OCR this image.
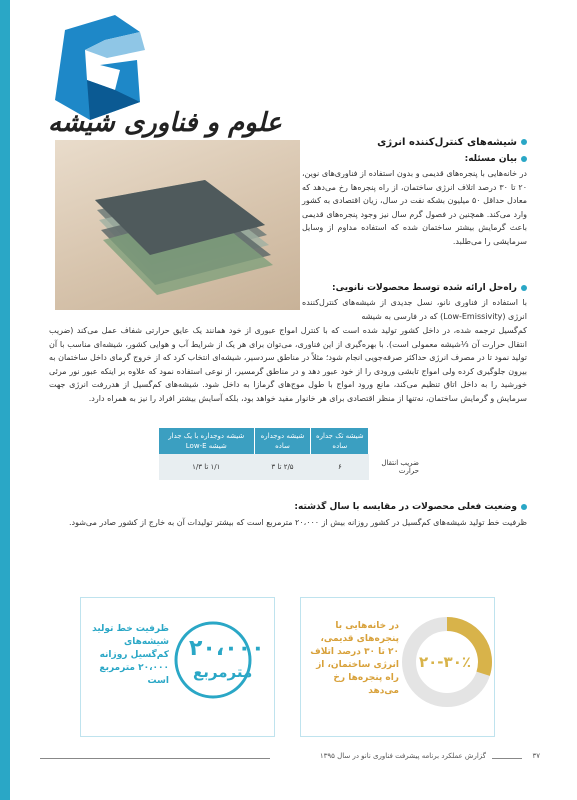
علوم و فناوری شیشه
شیشه‌های کنترل‌کننده انرژی
بیان مسئله:
در خانه‌هایی با پنجره‌های قدیمی و بدون استفاده از فناوری‌های نوین، ۲۰ تا ۳۰ درصد اتلاف انرژی ساختمان، از راه پنجره‌ها رخ می‌دهد که معادل حداقل ۵۰ میلیون بشکه نفت در سال، زیان اقتصادی به کشور وارد می‌کند. همچنین در فصول گرم سال نیز وجود پنجره‌های قدیمی باعث گرمایش بیشتر ساختمان شده که استفاده مداوم از وسایل سرمایشی را می‌طلبد.
راه‌حل ارائه شده توسط محصولات نانویی:
با استفاده از فناوری نانو، نسل جدیدی از شیشه‌های کنترل‌کننده انرژی (Low-Emissivity) که در فارسی به شیشه
کم‌گسیل ترجمه شده، در داخل کشور تولید شده است که با کنترل امواج عبوری از خود همانند یک عایق حرارتی شفاف عمل می‌کند (ضریب انتقال حرارت آن ⅓شیشه معمولی است). با بهره‌گیری از این فناوری، می‌توان برای هر یک از شرایط آب و هوایی کشور، شیشه‌ای مناسب با آن تولید نمود تا در مصرف انرژی حداکثر صرفه‌جویی انجام شود؛ مثلاً در مناطق سردسیر، شیشه‌ای انتخاب کرد که از خروج گرمای داخل ساختمان به بیرون جلوگیری کرده ولی امواج تابشی ورودی را از خود عبور دهد و در مناطق گرمسیر، از نوعی استفاده نمود که علاوه بر اینکه عبور نور مرئی خورشید را به داخل اتاق تنظیم می‌کند، مانع ورود امواج با طول موج‌های گرمازا به داخل شود. شیشه‌های کم‌گسیل از هدررفت انرژی جهت سرمایش و گرمایش ساختمان، نه‌تنها از منظر اقتصادی برای هر خانوار مفید خواهد بود، بلکه آسایش بیشتر افراد را نیز به همراه دارد.
	شیشه تک جداره ساده	شیشه دوجداره ساده	شیشه دوجداره با یک جدار شیشه Low-E
ضریب انتقال حرارت	۶	۲/۵ تا ۳	۱/۱ تا ۱/۳
وضعیت فعلی محصولات در مقایسه با سال گذشته:
ظرفیت خط تولید شیشه‌های کم‌گسیل در کشور روزانه بیش از ۲۰،۰۰۰ مترمربع است که بیشتر تولیدات آن به خارج از کشور صادر می‌شود.
۲۰،۰۰۰
مترمربع
ظرفیت خط تولید شیشه‌های کم‌گسیل روزانه ۲۰،۰۰۰ مترمربع است
۲۰-۳۰٪
در خانه‌هایی با پنجره‌های قدیمی، ۲۰ تا ۳۰ درصد اتلاف انرژی ساختمان، از راه پنجره‌ها رخ می‌دهد
۳۷
گزارش عملکرد برنامه پیشرفت فناوری نانو در سال ۱۳۹۵
